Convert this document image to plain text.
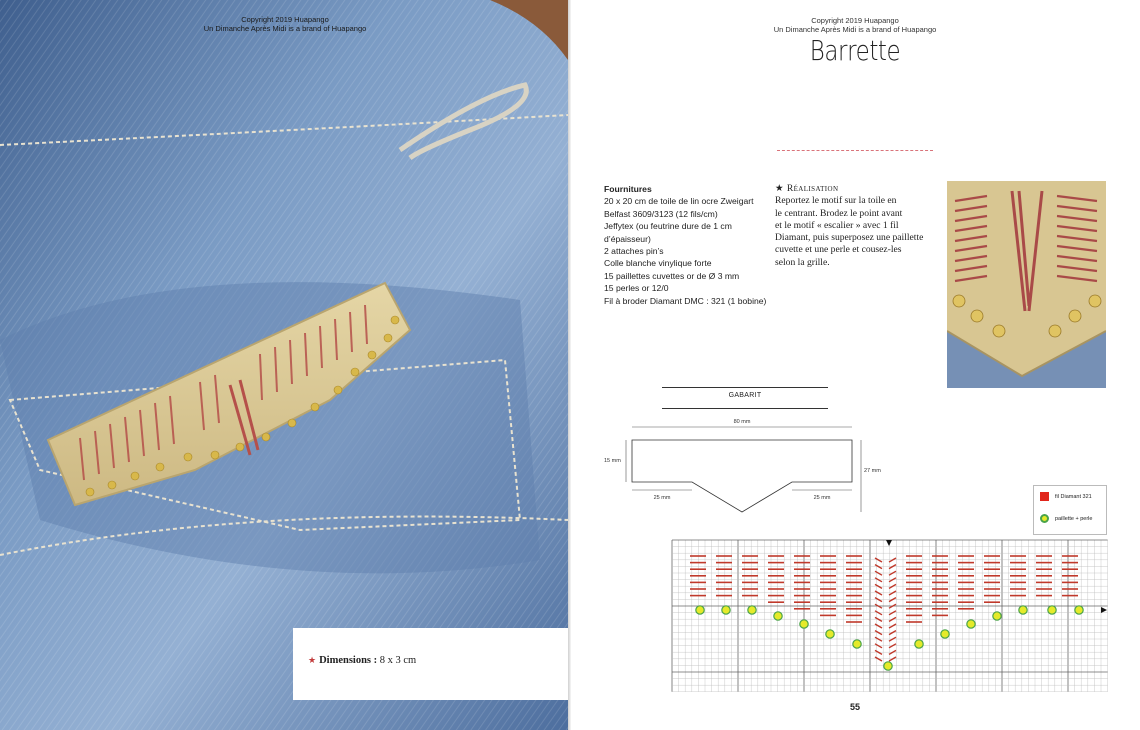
Copyright 2019 Huapango
Un Dimanche Après Midi is a brand of Huapango
★ Dimensions : 8 x 3 cm
Copyright 2019 Huapango
Un Dimanche Après Midi is a brand of Huapango
Barrette
Fournitures
20 x 20 cm de toile de lin ocre Zweigart
Belfast 3609/3123 (12 fils/cm)
Jeffytex (ou feutrine dure de 1 cm
d’épaisseur)
2 attaches pin’s
Colle blanche vinylique forte
15 paillettes cuvettes or de Ø 3 mm
15 perles or 12/0
Fil à broder Diamant DMC : 321 (1 bobine)
★ Réalisation

Reportez le motif sur la toile en

le centrant. Brodez le point avant

et le motif « escalier » avec 1 fil

Diamant, puis superposez une paillette

cuvette et une perle et cousez-les

selon la grille.

GABARIT
80 mm
15 mm
27 mm
25 mm	25 mm	fil Diamant 321
paillette + perle
55
